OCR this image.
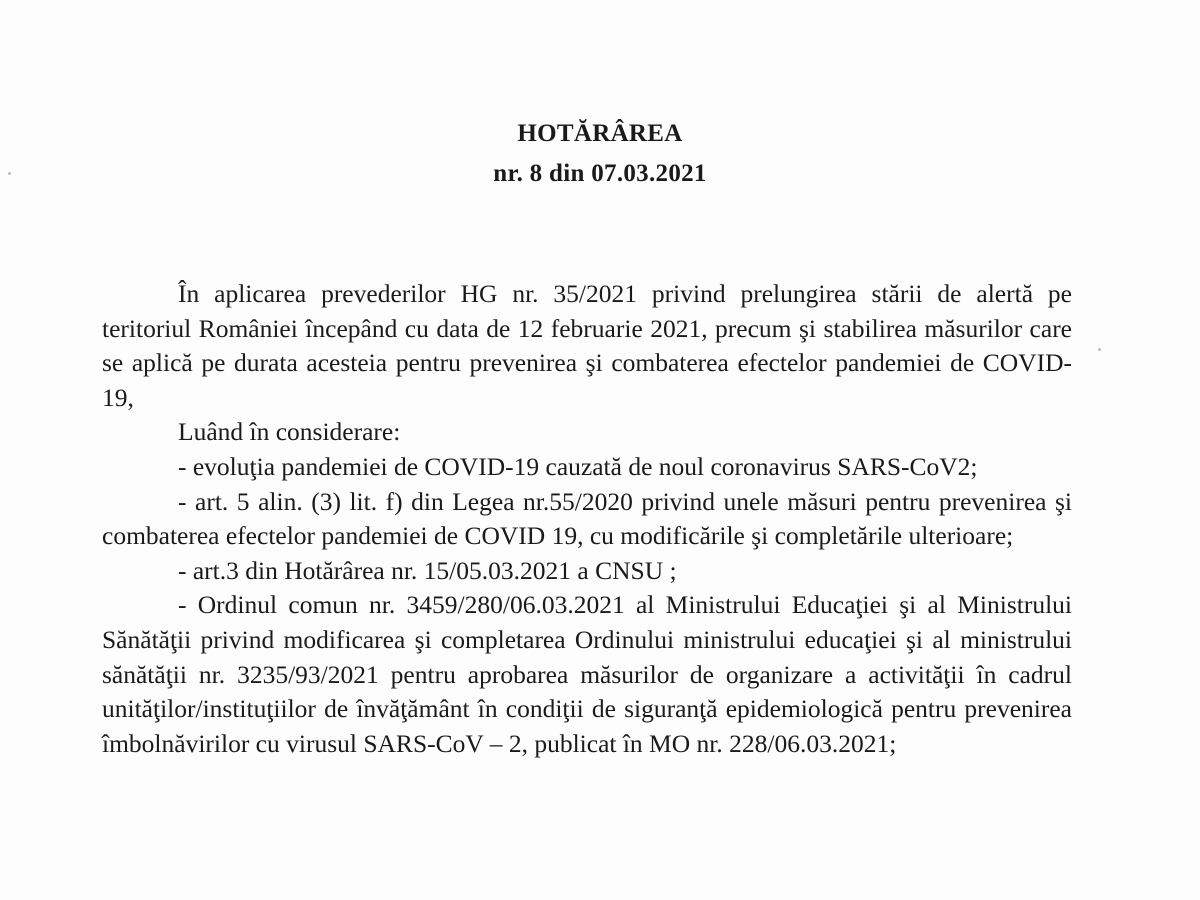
HOTĂRÂREA
nr. 8 din 07.03.2021

În aplicarea prevederilor HG nr. 35/2021 privind prelungirea stării de alertă pe teritoriul României începând cu data de 12 februarie 2021, precum şi stabilirea măsurilor care se aplică pe durata acesteia pentru prevenirea şi combaterea efectelor pandemiei de COVID-19,

Luând în considerare:

- evoluţia pandemiei de COVID-19 cauzată de noul coronavirus SARS-CoV2;

- art. 5 alin. (3) lit. f) din Legea nr.55/2020 privind unele măsuri pentru prevenirea şi combaterea efectelor pandemiei de COVID 19, cu modificările şi completările ulterioare;

- art.3 din Hotărârea nr. 15/05.03.2021 a CNSU ;

- Ordinul comun nr. 3459/280/06.03.2021 al Ministrului Educaţiei şi al Ministrului Sănătăţii privind modificarea şi completarea Ordinului ministrului educaţiei şi al ministrului sănătăţii nr. 3235/93/2021 pentru aprobarea măsurilor de organizare a activităţii în cadrul unităţilor/instituţiilor de învăţământ în condiţii de siguranţă epidemiologică pentru prevenirea îmbolnăvirilor cu virusul SARS-CoV – 2, publicat în MO nr. 228/06.03.2021;
